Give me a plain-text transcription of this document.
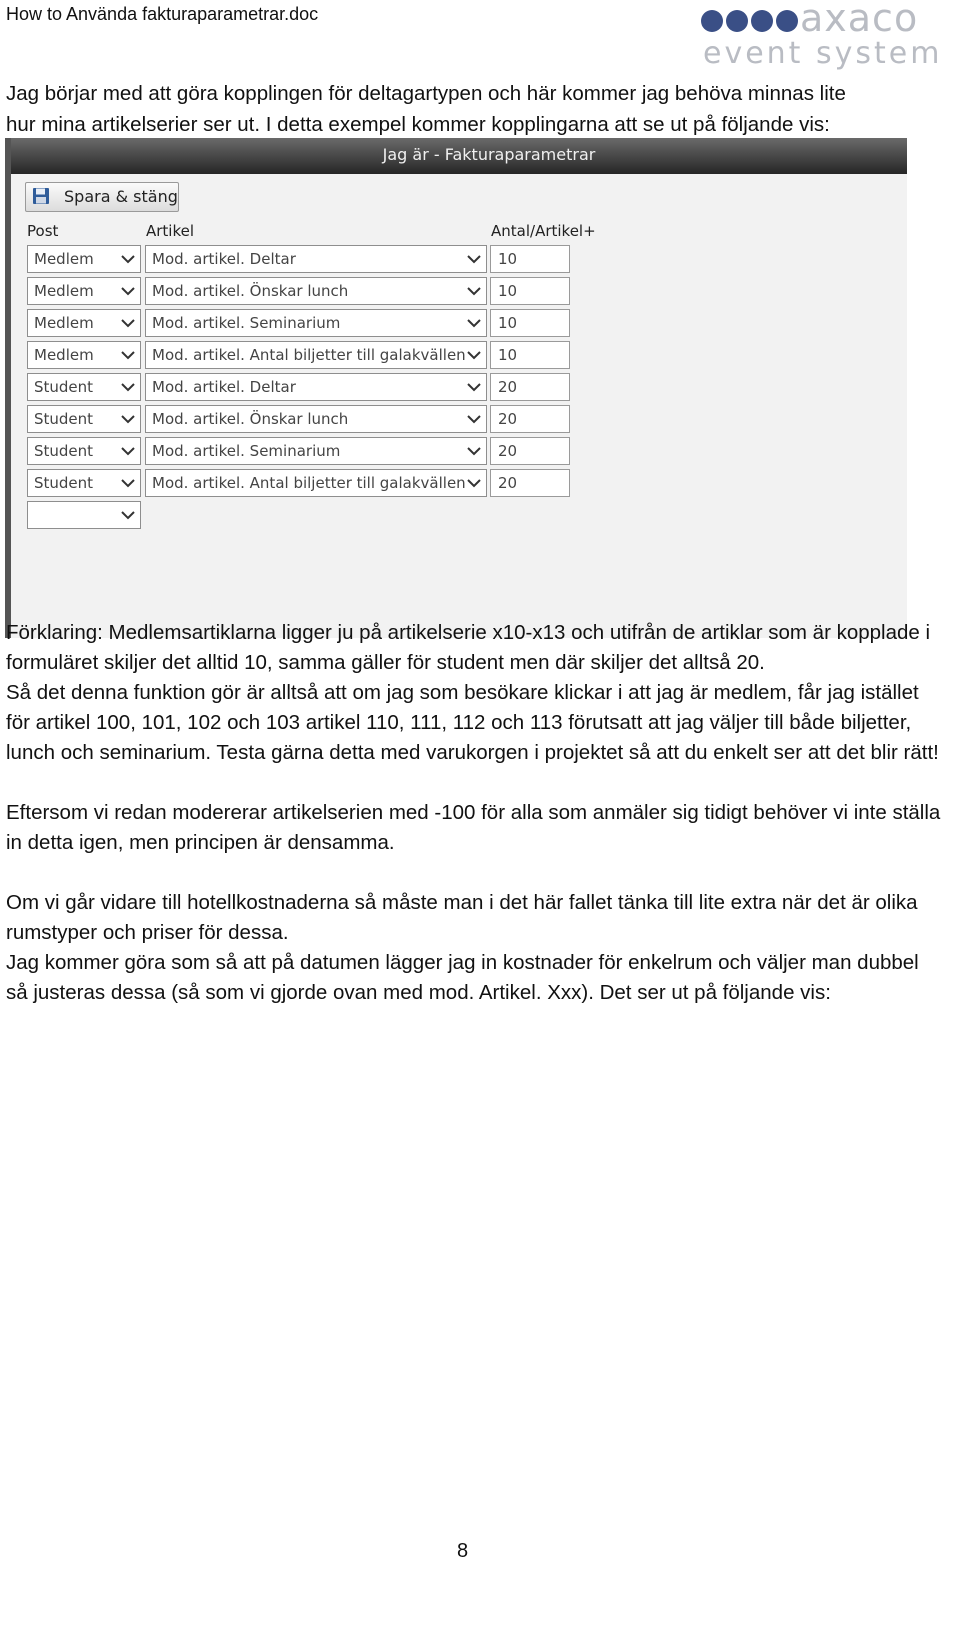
How to Använda fakturaparametrar.doc	axaco
event system

Jag börjar med att göra kopplingen för deltagartypen och här kommer jag behöva minnas lite

hur mina artikelserier ser ut. I detta exempel kommer kopplingarna att se ut på följande vis:

Jag är - Fakturaparametrar
Spara & stäng
Post	Artikel	Antal/Artikel+
Medlem	Mod. artikel. Deltar	10
Medlem	Mod. artikel. Önskar lunch	10
Medlem	Mod. artikel. Seminarium	10
Medlem	Mod. artikel. Antal biljetter till galakvällen	10
Student	Mod. artikel. Deltar	20
Student	Mod. artikel. Önskar lunch	20
Student	Mod. artikel. Seminarium	20
Student	Mod. artikel. Antal biljetter till galakvällen	20

Förklaring: Medlemsartiklarna ligger ju på artikelserie x10-x13 och utifrån de artiklar som är kopplade i formuläret skiljer det alltid 10, samma gäller för student men där skiljer det alltså 20.

Så det denna funktion gör är alltså att om jag som besökare klickar i att jag är medlem, får jag istället för artikel 100, 101, 102 och 103 artikel 110, 111, 112 och 113 förutsatt att jag väljer till både biljetter, lunch och seminarium. Testa gärna detta med varukorgen i projektet så att du enkelt ser att det blir rätt!

Eftersom vi redan modererar artikelserien med -100 för alla som anmäler sig tidigt behöver vi inte ställa in detta igen, men principen är densamma.

Om vi går vidare till hotellkostnaderna så måste man i det här fallet tänka till lite extra när det är olika rumstyper och priser för dessa.

Jag kommer göra som så att på datumen lägger jag in kostnader för enkelrum och väljer man dubbel så justeras dessa (så som vi gjorde ovan med mod. Artikel. Xxx). Det ser ut på följande vis:

8
